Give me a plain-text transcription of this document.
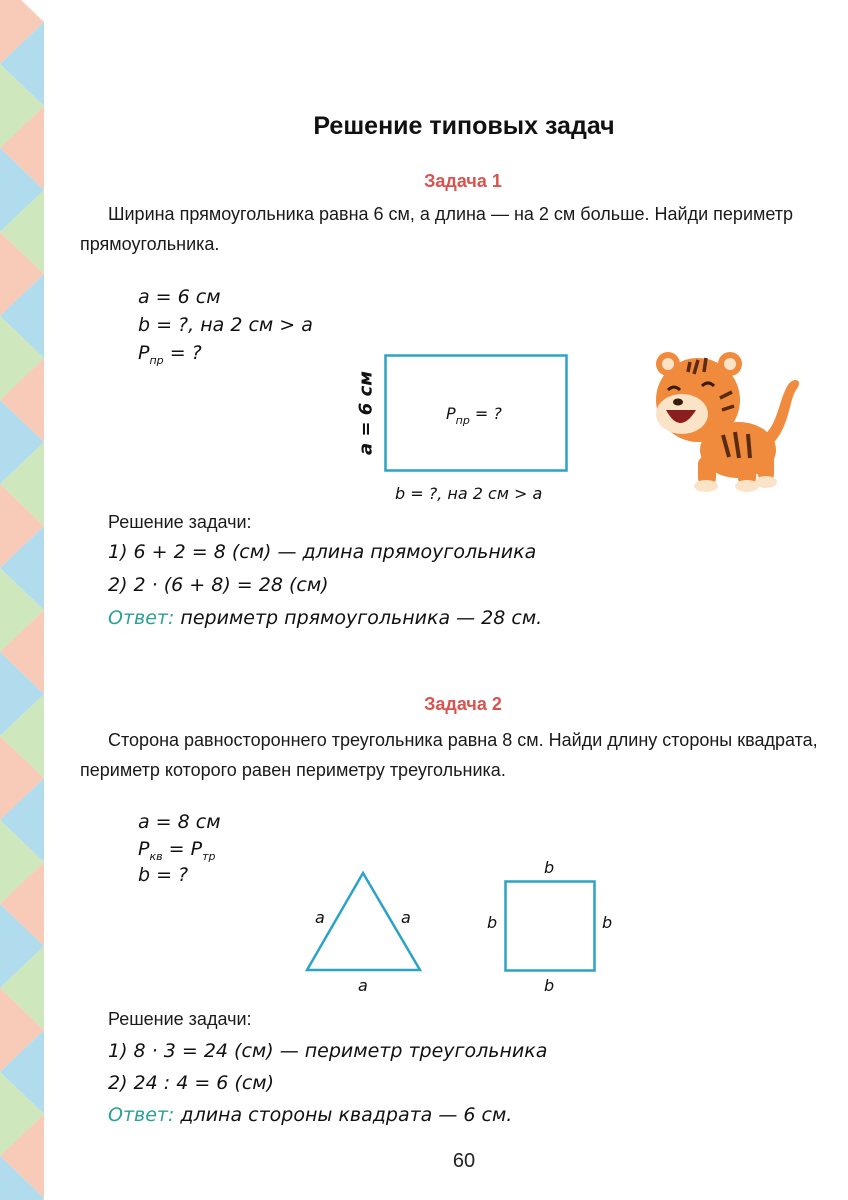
Решение типовых задач
Задача 1
Ширина прямоугольника равна 6 см, а длина — на 2 см больше. Найди периметр прямоугольника.
a = 6 см
b = ?, на 2 см > a
$P_{пр}$ = ?
$P_{пр}$ = ?
a = 6 см
b = ?, на 2 см > a
Решение задачи:
1) 6 + 2 = 8 (см) — длина прямоугольника
2) 2 · (6 + 8) = 28 (см)
Ответ: периметр прямоугольника — 28 см.
Задача 2
Сторона равностороннего треугольника равна 8 см. Найди длину стороны квадрата, периметр которого равен периметру треугольника.
a = 8 см
$P_{кв} = P_{тр}$
b = ?
a	a
a
b
b	b
b
Решение задачи:
1) 8 · 3 = 24 (см) — периметр треугольника
2) 24 : 4 = 6 (см)
Ответ: длина стороны квадрата — 6 см.
60
